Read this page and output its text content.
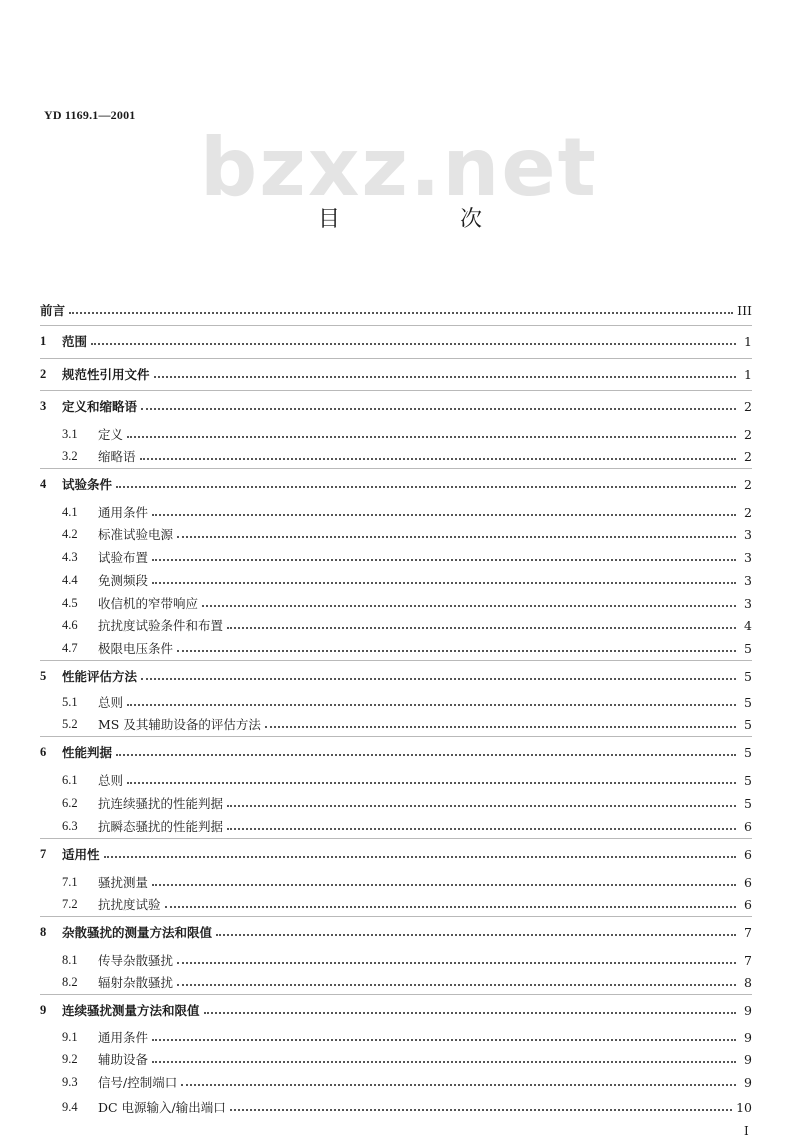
YD 1169.1—2001
bzxz.net
目	次
前言	III
1	范围	1
2	规范性引用文件	1
3	定义和缩略语	2
3.1	定义	2
3.2	缩略语	2
4	试验条件	2
4.1	通用条件	2
4.2	标准试验电源	3
4.3	试验布置	3
4.4	免测频段	3
4.5	收信机的窄带响应	3
4.6	抗扰度试验条件和布置	4
4.7	极限电压条件	5
5	性能评估方法	5
5.1	总则	5
5.2	MS 及其辅助设备的评估方法	5
6	性能判据	5
6.1	总则	5
6.2	抗连续骚扰的性能判据	5
6.3	抗瞬态骚扰的性能判据	6
7	适用性	6
7.1	骚扰测量	6
7.2	抗扰度试验	6
8	杂散骚扰的测量方法和限值	7
8.1	传导杂散骚扰	7
8.2	辐射杂散骚扰	8
9	连续骚扰测量方法和限值	9
9.1	通用条件	9
9.2	辅助设备	9
9.3	信号/控制端口	9
9.4	DC 电源输入/输出端口	10
I
